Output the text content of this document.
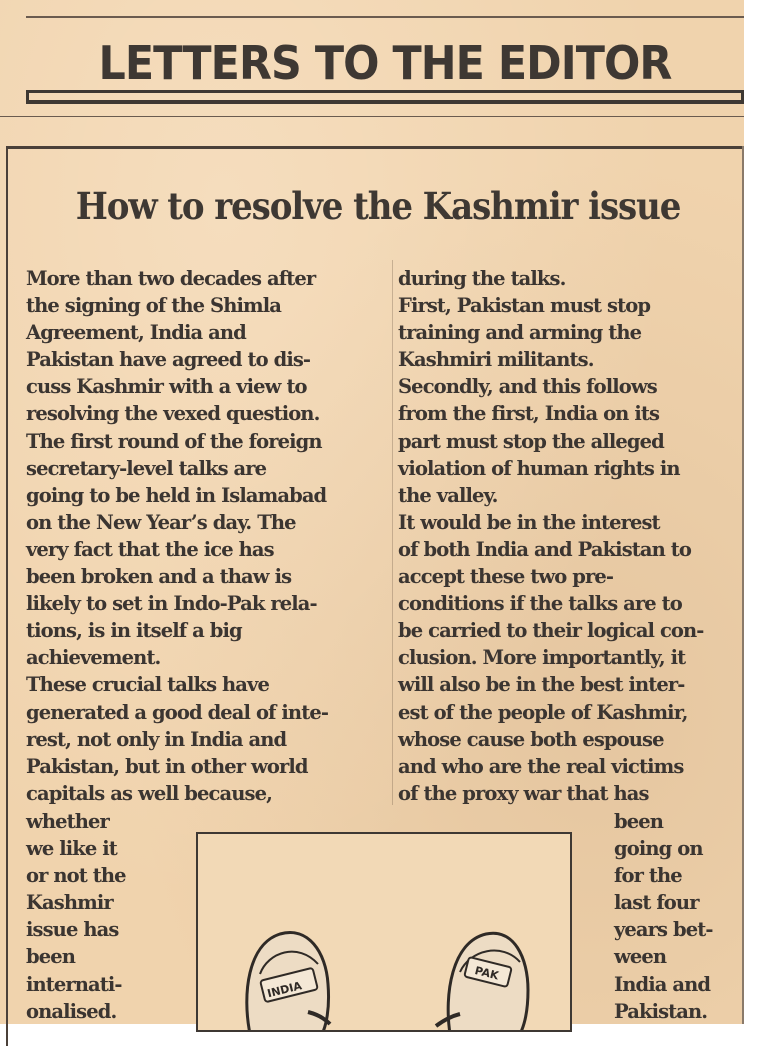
LETTERS TO THE EDITOR
How to resolve the Kashmir issue
More than two decades after
the signing of the Shimla
Agreement, India and
Pakistan have agreed to dis-
cuss Kashmir with a view to
resolving the vexed question.
The first round of the foreign
secretary-level talks are
going to be held in Islamabad
on the New Year’s day. The
very fact that the ice has
been broken and a thaw is
likely to set in Indo-Pak rela-
tions, is in itself a big
achievement.
These crucial talks have
generated a good deal of inte-
rest, not only in India and
Pakistan, but in other world
capitals as well because,
during the talks.
First, Pakistan must stop
training and arming the
Kashmiri militants.
Secondly, and this follows
from the first, India on its
part must stop the alleged
violation of human rights in
the valley.
It would be in the interest
of both India and Pakistan to
accept these two pre-
conditions if the talks are to
be carried to their logical con-
clusion. More importantly, it
will also be in the best inter-
est of the people of Kashmir,
whose cause both espouse
and who are the real victims
of the proxy war that has
whether
we like it
or not the
Kashmir
issue has
been
internati-
onalised.
been
going on
for the
last four
years bet-
ween
India and
Pakistan.
INDIA
PAK
